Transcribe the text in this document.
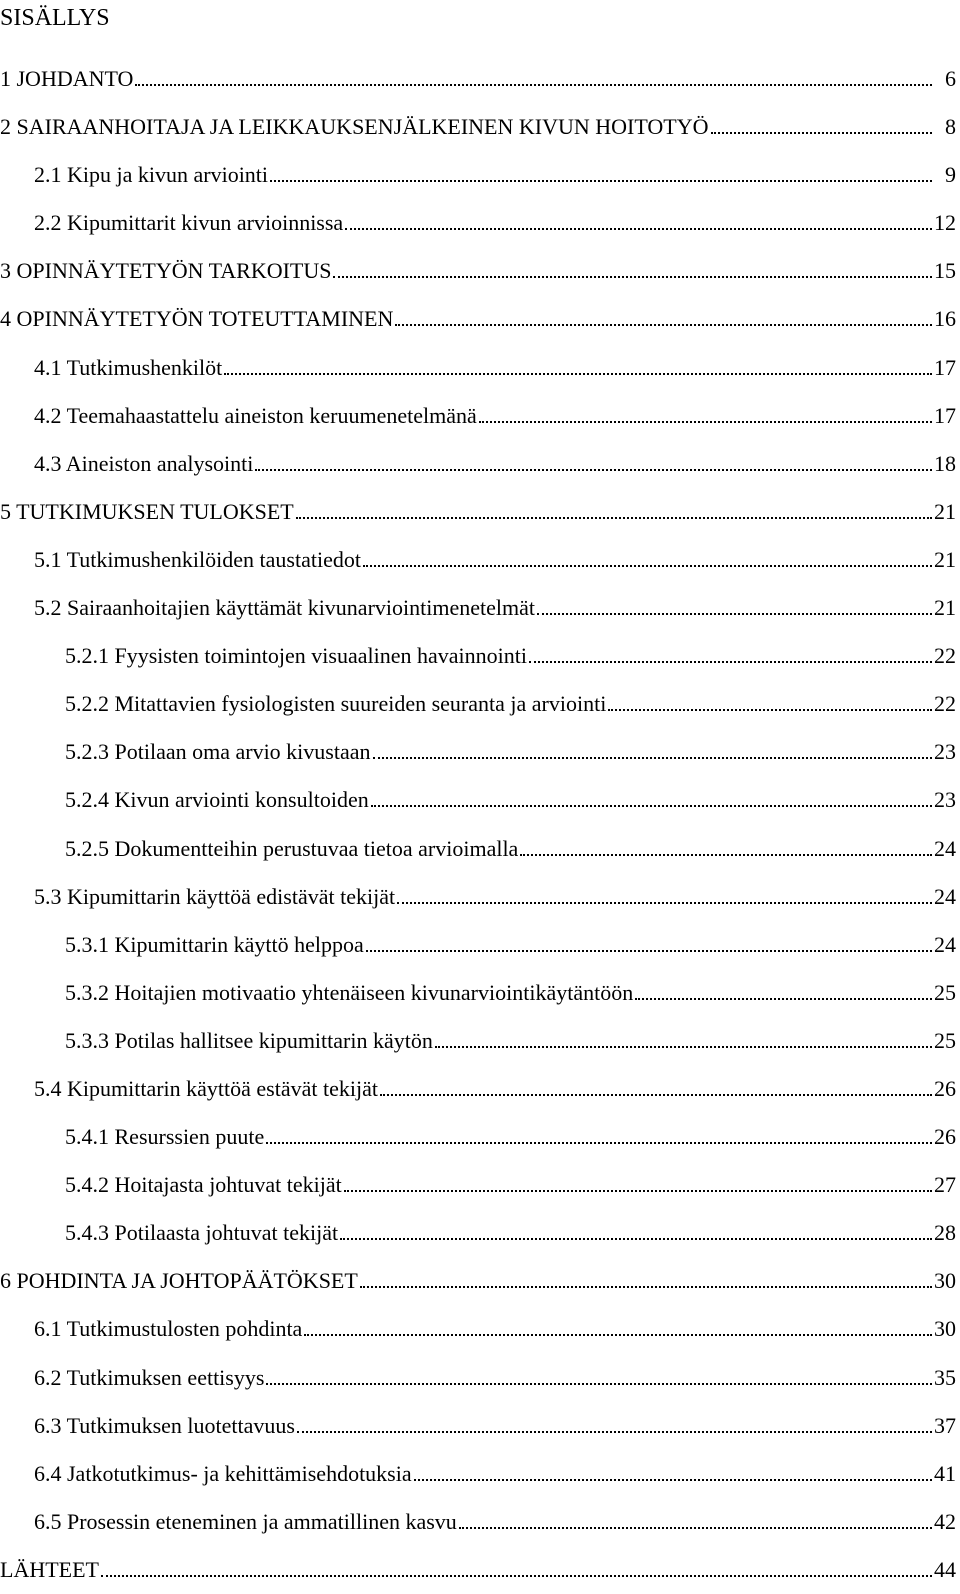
SISÄLLYS
1 JOHDANTO	6
2 SAIRAANHOITAJA JA LEIKKAUKSENJÄLKEINEN KIVUN HOITOTYÖ	8
2.1 Kipu ja kivun arviointi	9
2.2 Kipumittarit kivun arvioinnissa	12
3 OPINNÄYTETYÖN TARKOITUS	15
4 OPINNÄYTETYÖN TOTEUTTAMINEN	16
4.1 Tutkimushenkilöt	17
4.2 Teemahaastattelu aineiston keruumenetelmänä	17
4.3 Aineiston analysointi	18
5 TUTKIMUKSEN TULOKSET	21
5.1 Tutkimushenkilöiden taustatiedot	21
5.2 Sairaanhoitajien käyttämät kivunarviointimenetelmät	21
5.2.1 Fyysisten toimintojen visuaalinen havainnointi	22
5.2.2 Mitattavien fysiologisten suureiden seuranta ja arviointi	22
5.2.3 Potilaan oma arvio kivustaan	23
5.2.4 Kivun arviointi konsultoiden	23
5.2.5 Dokumentteihin perustuvaa tietoa arvioimalla	24
5.3 Kipumittarin käyttöä edistävät tekijät	24
5.3.1 Kipumittarin käyttö helppoa	24
5.3.2 Hoitajien motivaatio yhtenäiseen kivunarviointikäytäntöön	25
5.3.3 Potilas hallitsee kipumittarin käytön	25
5.4 Kipumittarin käyttöä estävät tekijät	26
5.4.1 Resurssien puute	26
5.4.2 Hoitajasta johtuvat tekijät	27
5.4.3 Potilaasta johtuvat tekijät	28
6 POHDINTA JA JOHTOPÄÄTÖKSET	30
6.1 Tutkimustulosten pohdinta	30
6.2 Tutkimuksen eettisyys	35
6.3 Tutkimuksen luotettavuus	37
6.4 Jatkotutkimus- ja kehittämisehdotuksia	41
6.5 Prosessin eteneminen ja ammatillinen kasvu	42
LÄHTEET	44
